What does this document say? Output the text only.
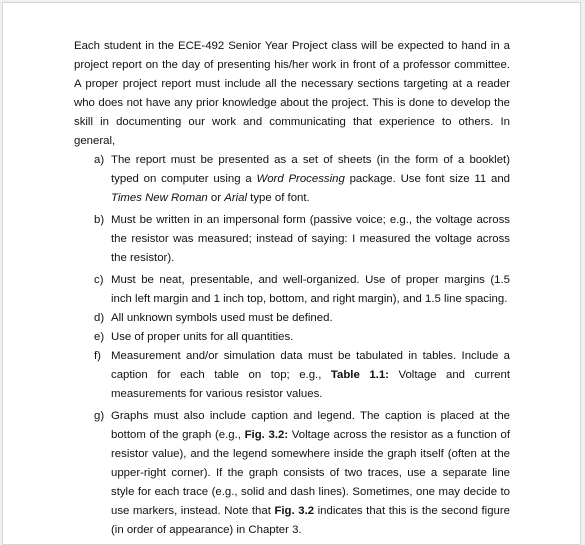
Each student in the ECE-492 Senior Year Project class will be expected to hand in a project report on the day of presenting his/her work in front of a professor committee. A proper project report must include all the necessary sections targeting at a reader who does not have any prior knowledge about the project. This is done to develop the skill in documenting our work and communicating that experience to others. In general,

a) The report must be presented as a set of sheets (in the form of a booklet) typed on computer using a Word Processing package. Use font size 11 and Times New Roman or Arial type of font.
b) Must be written in an impersonal form (passive voice; e.g., the voltage across the resistor was measured; instead of saying: I measured the voltage across the resistor).
c) Must be neat, presentable, and well-organized. Use of proper margins (1.5 inch left margin and 1 inch top, bottom, and right margin), and 1.5 line spacing.
d) All unknown symbols used must be defined.
e) Use of proper units for all quantities.
f) Measurement and/or simulation data must be tabulated in tables. Include a caption for each table on top; e.g., Table 1.1: Voltage and current measurements for various resistor values.
g) Graphs must also include caption and legend. The caption is placed at the bottom of the graph (e.g., Fig. 3.2: Voltage across the resistor as a function of resistor value), and the legend somewhere inside the graph itself (often at the upper-right corner). If the graph consists of two traces, use a separate line style for each trace (e.g., solid and dash lines). Sometimes, one may decide to use markers, instead. Note that Fig. 3.2 indicates that this is the second figure (in order of appearance) in Chapter 3.
